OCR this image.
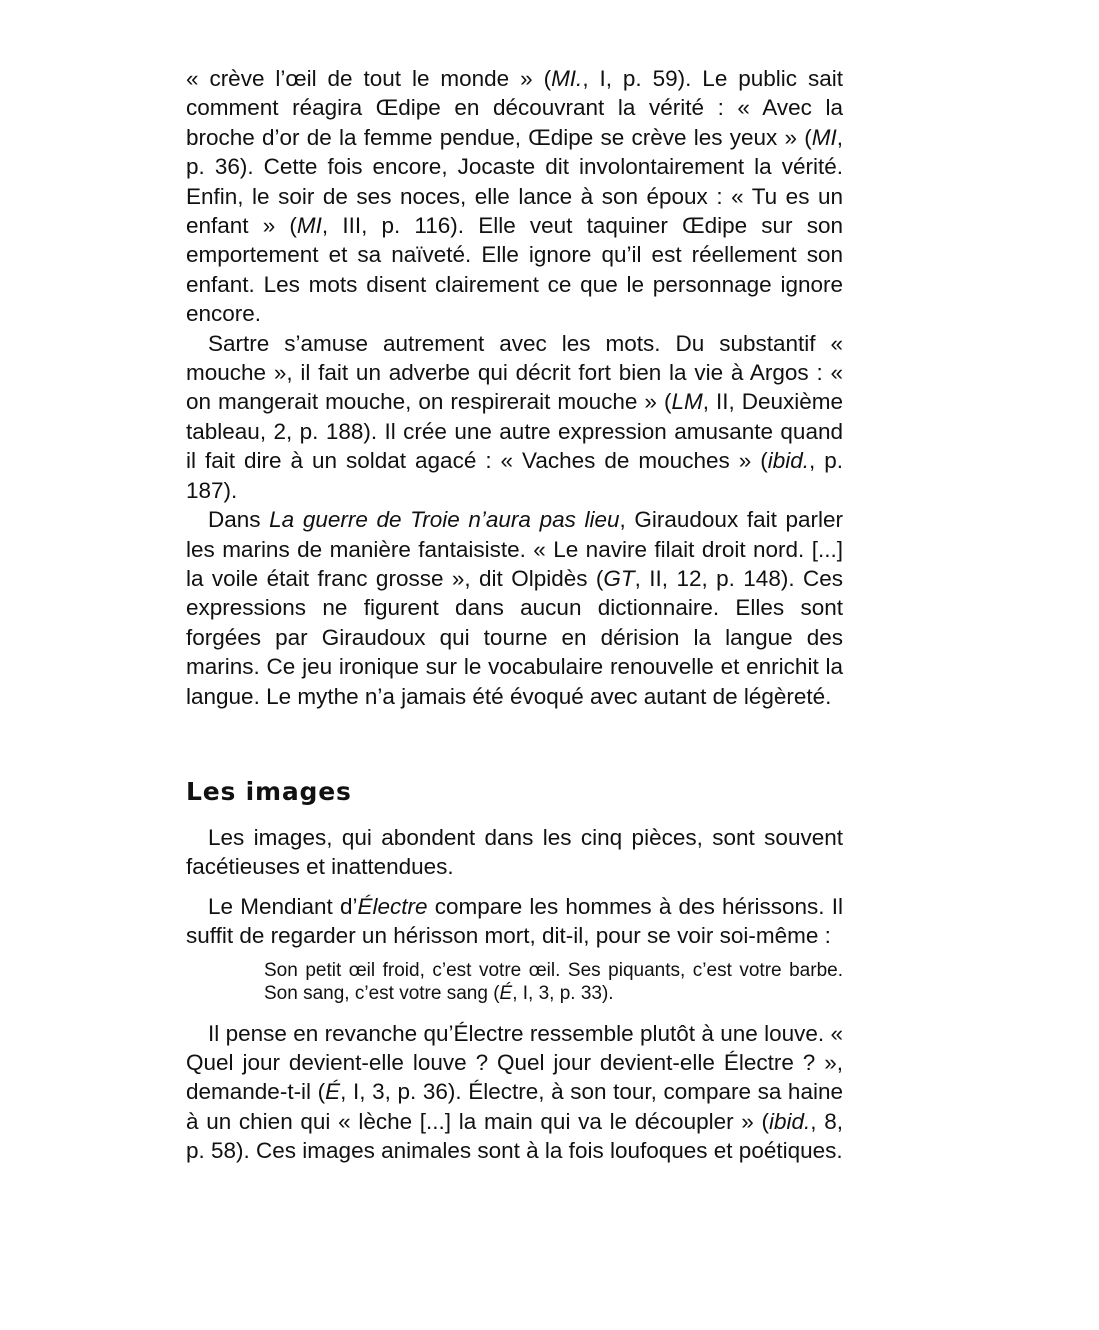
« crève l’œil de tout le monde » (MI., I, p. 59). Le public sait comment réagira Œdipe en découvrant la vérité : « Avec la broche d’or de la femme pendue, Œdipe se crève les yeux » (MI, p. 36). Cette fois encore, Jocaste dit involontairement la vérité. Enfin, le soir de ses noces, elle lance à son époux : « Tu es un enfant » (MI, III, p. 116). Elle veut taquiner Œdipe sur son emportement et sa naïveté. Elle ignore qu’il est réellement son enfant. Les mots disent clairement ce que le personnage ignore encore.

Sartre s’amuse autrement avec les mots. Du substantif « mouche », il fait un adverbe qui décrit fort bien la vie à Argos : « on mangerait mouche, on respirerait mouche » (LM, II, Deuxième tableau, 2, p. 188). Il crée une autre expression amusante quand il fait dire à un soldat agacé : « Vaches de mouches » (ibid., p. 187).

Dans La guerre de Troie n’aura pas lieu, Giraudoux fait parler les marins de manière fantaisiste. « Le navire filait droit nord. [...] la voile était franc grosse », dit Olpidès (GT, II, 12, p. 148). Ces expressions ne figurent dans aucun dictionnaire. Elles sont forgées par Giraudoux qui tourne en dérision la langue des marins. Ce jeu ironique sur le vocabulaire renouvelle et enrichit la langue. Le mythe n’a jamais été évoqué avec autant de légèreté.

Les images

Les images, qui abondent dans les cinq pièces, sont souvent facétieuses et inattendues.

Le Mendiant d’Électre compare les hommes à des hérissons. Il suffit de regarder un hérisson mort, dit-il, pour se voir soi-même :

Son petit œil froid, c’est votre œil. Ses piquants, c’est votre barbe. Son sang, c’est votre sang (É, I, 3, p. 33).

Il pense en revanche qu’Électre ressemble plutôt à une louve. « Quel jour devient-elle louve ? Quel jour devient-elle Électre ? », demande-t-il (É, I, 3, p. 36). Électre, à son tour, compare sa haine à un chien qui « lèche [...] la main qui va le découpler » (ibid., 8, p. 58). Ces images animales sont à la fois loufoques et poétiques.
